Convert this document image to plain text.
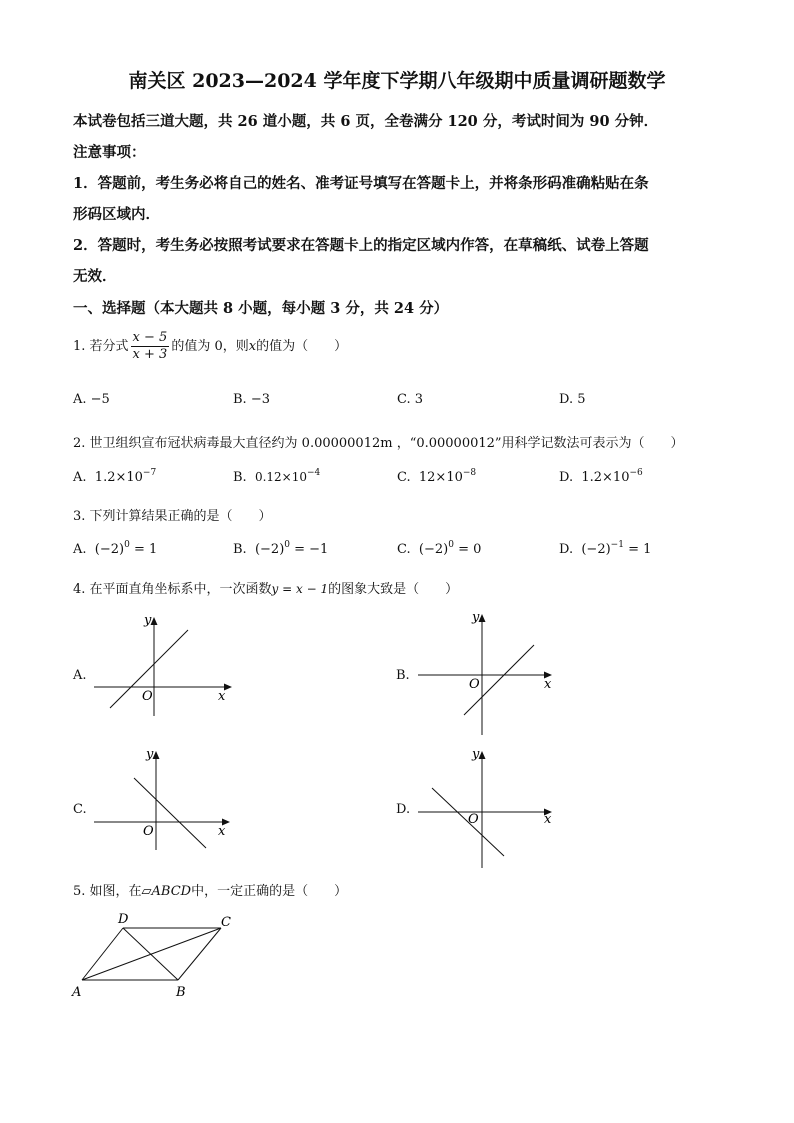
南关区 2023—2024 学年度下学期八年级期中质量调研题数学
本试卷包括三道大题，共 26 道小题，共 6 页，全卷满分 120 分，考试时间为 90 分钟．
注意事项：
1．答题前，考生务必将自己的姓名、准考证号填写在答题卡上，并将条形码准确粘贴在条
形码区域内．
2．答题时，考生务必按照考试要求在答题卡上的指定区域内作答，在草稿纸、试卷上答题
无效．
一、选择题（本大题共 8 小题，每小题 3 分，共 24 分）
1. 若分式 $\frac{x - 5}{x + 3}$ 的值为 0，则x的值为（　　）
A. −5	B. −3	C. 3	D. 5
2. 世卫组织宣布冠状病毒最大直径约为 0.00000012m ，“0.00000012”用科学记数法可表示为（　　）
A. $1.2\times 10^{-7}$	B. $0.12\times 10^{-4}$	C. $12\times 10^{-8}$	D. $1.2\times 10^{-6}$
3. 下列计算结果正确的是（　　）
A. $(-2)^0 = 1$	B. $(-2)^0 = -1$	C. $(-2)^0 = 0$	D. $(-2)^{-1} = 1$
4. 在平面直角坐标系中，一次函数y = x − 1的图象大致是（　　）
A.
y
x
O
B.
y
x
O
C.
y
x
O
D.
y
x
O
5. 如图，在▱ABCD中，一定正确的是（　　）
D	C
A	B
